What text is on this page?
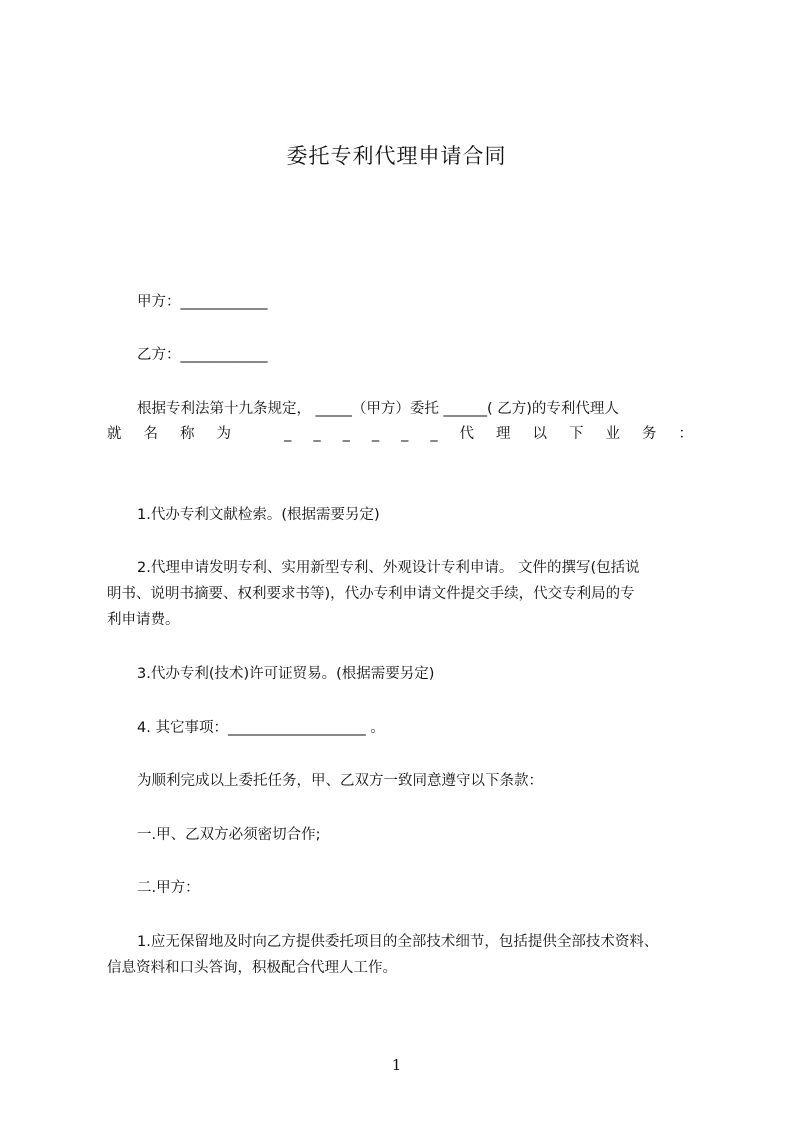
委托专利代理申请合同
甲方：____________
乙方：____________
根据专利法第十九条规定， _____（甲方）委托 ______( 乙方)的专利代理人
就 名 称 为
	_ _ _ _ _ _ 代 理 以 下 业 务 ：
1.代办专利文献检索。(根据需要另定)
2.代理申请发明专利、实用新型专利、外观设计专利申请。 文件的撰写(包括说
明书、说明书摘要、权利要求书等)，代办专利申请文件提交手续，代交专利局的专
利申请费。
3.代办专利(技术)许可证贸易。(根据需要另定)
4. 其它事项：___________________ 。
为顺利完成以上委托任务，甲、乙双方一致同意遵守以下条款：
一.甲、乙双方必须密切合作;
二.甲方：
1.应无保留地及时向乙方提供委托项目的全部技术细节，包括提供全部技术资料、
信息资料和口头答询，积极配合代理人工作。
1
